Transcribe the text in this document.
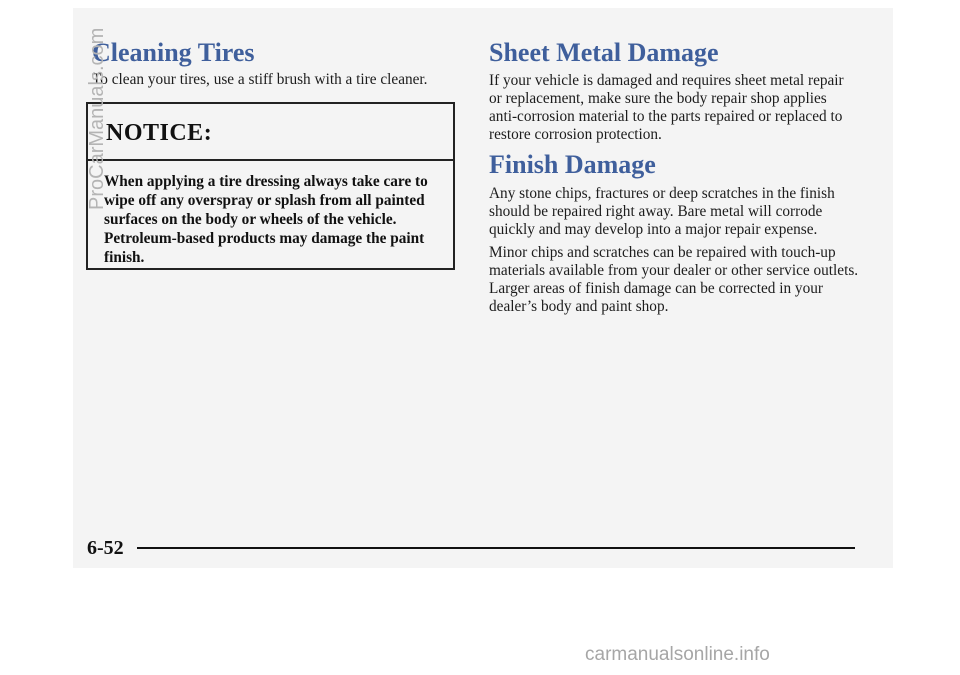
Cleaning Tires

To clean your tires, use a stiff brush with a tire cleaner.

NOTICE:

When applying a tire dressing always take care to wipe off any overspray or splash from all painted surfaces on the body or wheels of the vehicle. Petroleum-based products may damage the paint finish.

Sheet Metal Damage

If your vehicle is damaged and requires sheet metal repair or replacement, make sure the body repair shop applies anti-corrosion material to the parts repaired or replaced to restore corrosion protection.

Finish Damage

Any stone chips, fractures or deep scratches in the finish should be repaired right away. Bare metal will corrode quickly and may develop into a major repair expense.

Minor chips and scratches can be repaired with touch-up materials available from your dealer or other service outlets. Larger areas of finish damage can be corrected in your dealer’s body and paint shop.

6-52
ProCarManuals.com
carmanualsonline.info
